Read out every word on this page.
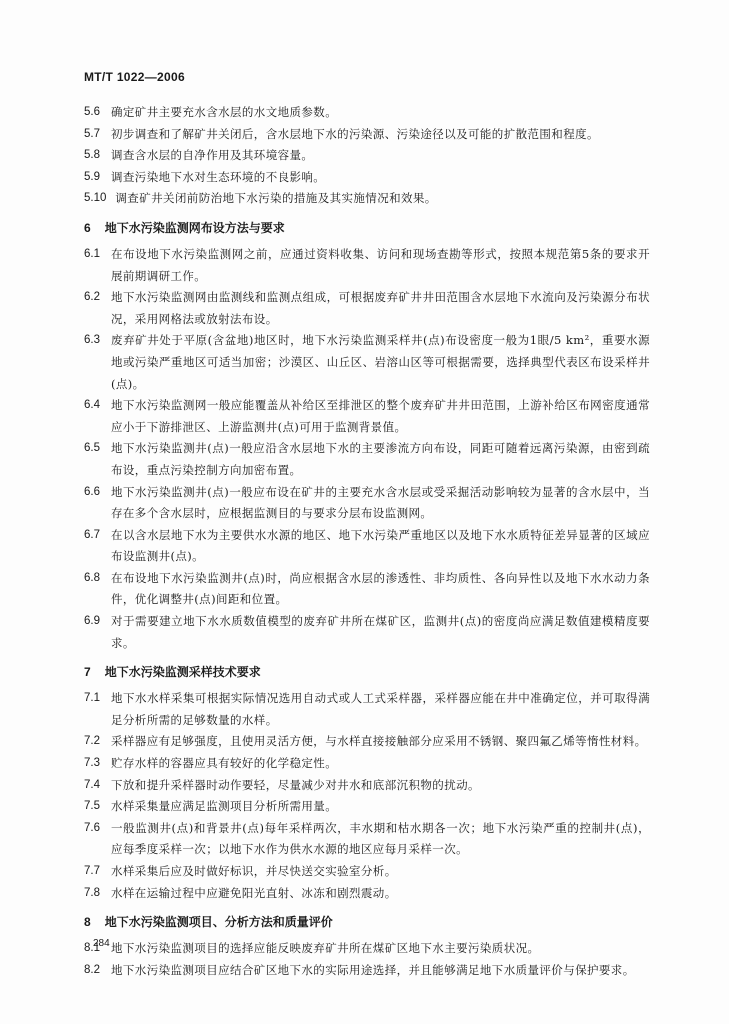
MT/T 1022—2006
5.6 确定矿井主要充水含水层的水文地质参数。
5.7 初步调查和了解矿井关闭后，含水层地下水的污染源、污染途径以及可能的扩散范围和程度。
5.8 调查含水层的自净作用及其环境容量。
5.9 调查污染地下水对生态环境的不良影响。
5.10 调查矿井关闭前防治地下水污染的措施及其实施情况和效果。
6 地下水污染监测网布设方法与要求
6.1 在布设地下水污染监测网之前，应通过资料收集、访问和现场查勘等形式，按照本规范第5条的要求开展前期调研工作。
6.2 地下水污染监测网由监测线和监测点组成，可根据废弃矿井井田范围含水层地下水流向及污染源分布状况，采用网格法或放射法布设。
6.3 废弃矿井处于平原(含盆地)地区时，地下水污染监测采样井(点)布设密度一般为1眼/5 km²，重要水源地或污染严重地区可适当加密；沙漠区、山丘区、岩溶山区等可根据需要，选择典型代表区布设采样井(点)。
6.4 地下水污染监测网一般应能覆盖从补给区至排泄区的整个废弃矿井井田范围，上游补给区布网密度通常应小于下游排泄区、上游监测井(点)可用于监测背景值。
6.5 地下水污染监测井(点)一般应沿含水层地下水的主要渗流方向布设，同距可随着远离污染源，由密到疏布设，重点污染控制方向加密布置。
6.6 地下水污染监测井(点)一般应布设在矿井的主要充水含水层或受采掘活动影响较为显著的含水层中，当存在多个含水层时，应根据监测目的与要求分层布设监测网。
6.7 在以含水层地下水为主要供水水源的地区、地下水污染严重地区以及地下水水质特征差异显著的区域应布设监测井(点)。
6.8 在布设地下水污染监测井(点)时，尚应根据含水层的渗透性、非均质性、各向异性以及地下水水动力条件，优化调整井(点)间距和位置。
6.9 对于需要建立地下水水质数值模型的废弃矿井所在煤矿区，监测井(点)的密度尚应满足数值建模精度要求。
7 地下水污染监测采样技术要求
7.1 地下水水样采集可根据实际情况选用自动式或人工式采样器，采样器应能在井中准确定位，并可取得满足分析所需的足够数量的水样。
7.2 采样器应有足够强度，且使用灵活方便，与水样直接接触部分应采用不锈钢、聚四氟乙烯等惰性材料。
7.3 贮存水样的容器应具有较好的化学稳定性。
7.4 下放和提升采样器时动作要轻，尽量减少对井水和底部沉积物的扰动。
7.5 水样采集量应满足监测项目分析所需用量。
7.6 一般监测井(点)和背景井(点)每年采样两次，丰水期和枯水期各一次；地下水污染严重的控制井(点)，应每季度采样一次；以地下水作为供水水源的地区应每月采样一次。
7.7 水样采集后应及时做好标识，并尽快送交实验室分析。
7.8 水样在运输过程中应避免阳光直射、冰冻和剧烈震动。
8 地下水污染监测项目、分析方法和质量评价
8.1 地下水污染监测项目的选择应能反映废弃矿井所在煤矿区地下水主要污染质状况。
8.2 地下水污染监测项目应结合矿区地下水的实际用途选择，并且能够满足地下水质量评价与保护要求。
284
